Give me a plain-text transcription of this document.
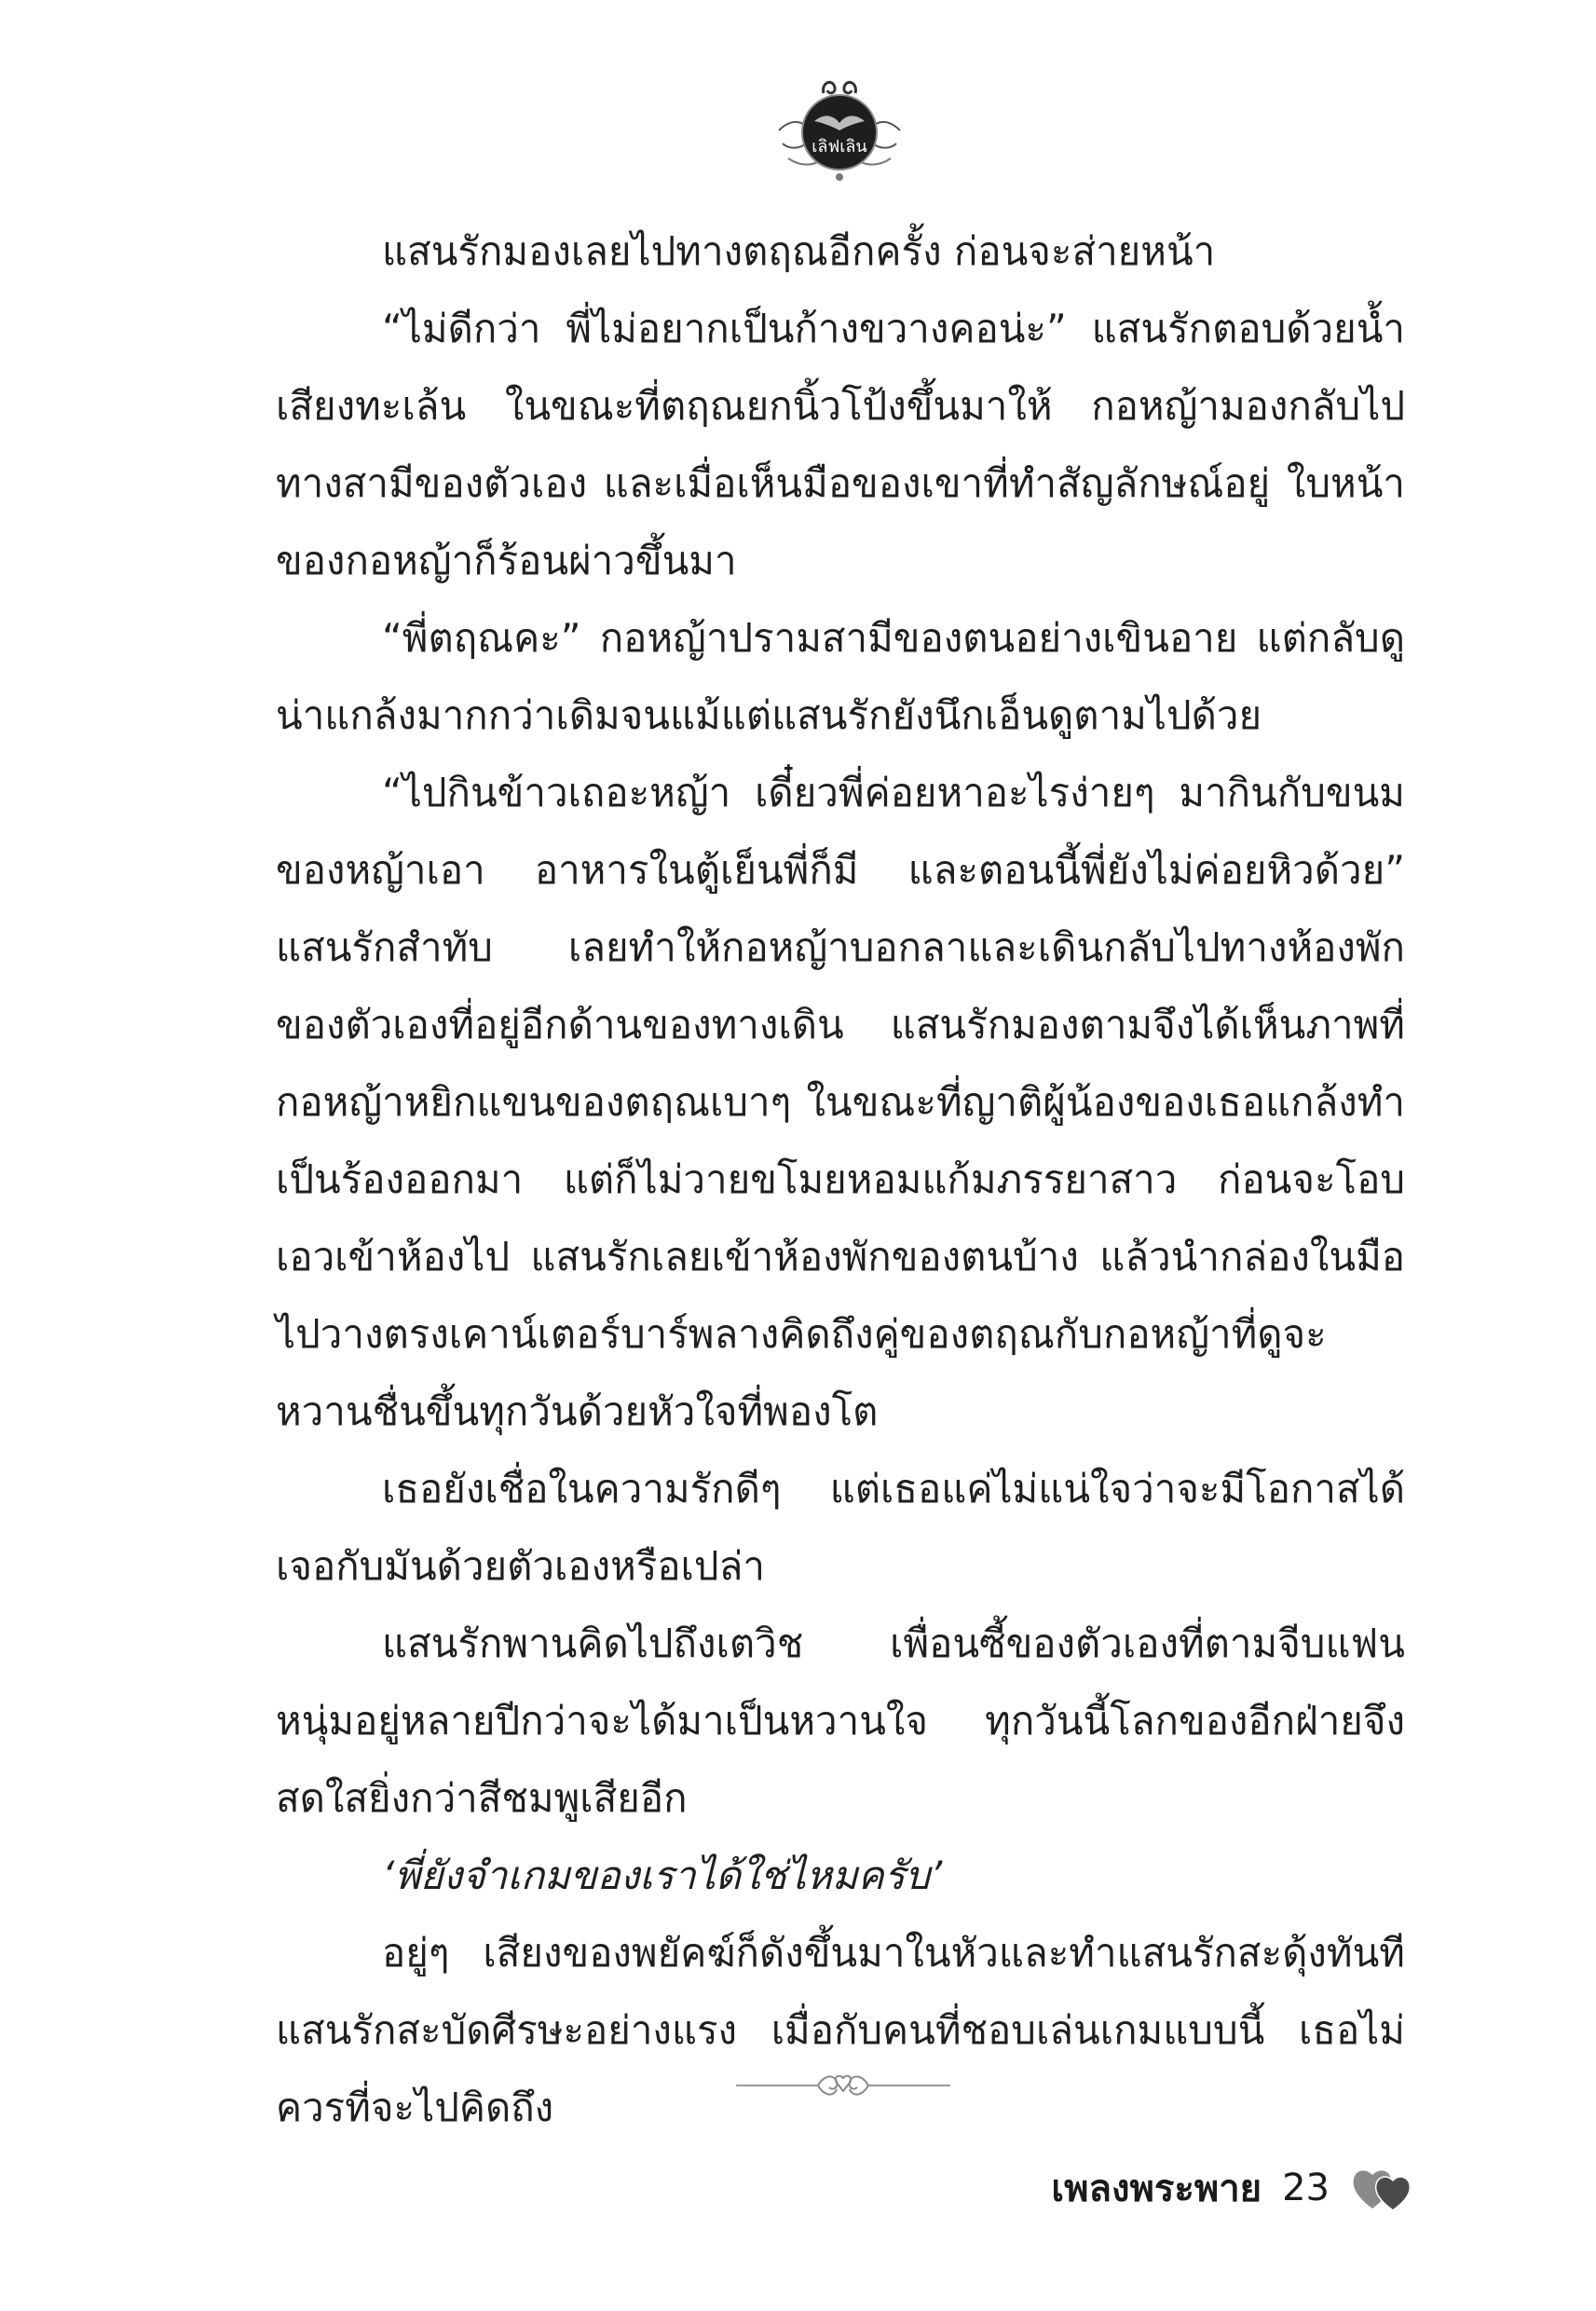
เลิฟเลิน

แสนรักมองเลยไปทางตฤณอีกครั้ง ก่อนจะส่ายหน้า

“ไม่ดีกว่า พี่ไม่อยากเป็นก้างขวางคอน่ะ” แสนรักตอบด้วยน้ำเสียงทะเล้น ในขณะที่ตฤณยกนิ้วโป้งขึ้นมาให้ กอหญ้ามองกลับไปทางสามีของตัวเอง และเมื่อเห็นมือของเขาที่ทำสัญลักษณ์อยู่ ใบหน้าของกอหญ้าก็ร้อนผ่าวขึ้นมา

“พี่ตฤณคะ” กอหญ้าปรามสามีของตนอย่างเขินอาย แต่กลับดูน่าแกล้งมากกว่าเดิมจนแม้แต่แสนรักยังนึกเอ็นดูตามไปด้วย

“ไปกินข้าวเถอะหญ้า เดี๋ยวพี่ค่อยหาอะไรง่ายๆ มากินกับขนมของหญ้าเอา อาหารในตู้เย็นพี่ก็มี และตอนนี้พี่ยังไม่ค่อยหิวด้วย” แสนรักสำทับ เลยทำให้กอหญ้าบอกลาและเดินกลับไปทางห้องพักของตัวเองที่อยู่อีกด้านของทางเดิน แสนรักมองตามจึงได้เห็นภาพที่กอหญ้าหยิกแขนของตฤณเบาๆ ในขณะที่ญาติผู้น้องของเธอแกล้งทำเป็นร้องออกมา แต่ก็ไม่วายขโมยหอมแก้มภรรยาสาว ก่อนจะโอบเอวเข้าห้องไป แสนรักเลยเข้าห้องพักของตนบ้าง แล้วนำกล่องในมือไปวางตรงเคาน์เตอร์บาร์พลางคิดถึงคู่ของตฤณกับกอหญ้าที่ดูจะหวานชื่นขึ้นทุกวันด้วยหัวใจที่พองโต

เธอยังเชื่อในความรักดีๆ แต่เธอแค่ไม่แน่ใจว่าจะมีโอกาสได้เจอกับมันด้วยตัวเองหรือเปล่า

แสนรักพานคิดไปถึงเตวิช เพื่อนซี้ของตัวเองที่ตามจีบแฟนหนุ่มอยู่หลายปีกว่าจะได้มาเป็นหวานใจ ทุกวันนี้โลกของอีกฝ่ายจึงสดใสยิ่งกว่าสีชมพูเสียอีก

‘พี่ยังจำเกมของเราได้ใช่ไหมครับ’

อยู่ๆ เสียงของพยัคฆ์ก็ดังขึ้นมาในหัวและทำแสนรักสะดุ้งทันทีแสนรักสะบัดศีรษะอย่างแรง เมื่อกับคนที่ชอบเล่นเกมแบบนี้ เธอไม่ควรที่จะไปคิดถึง

เพลงพระพาย 23
